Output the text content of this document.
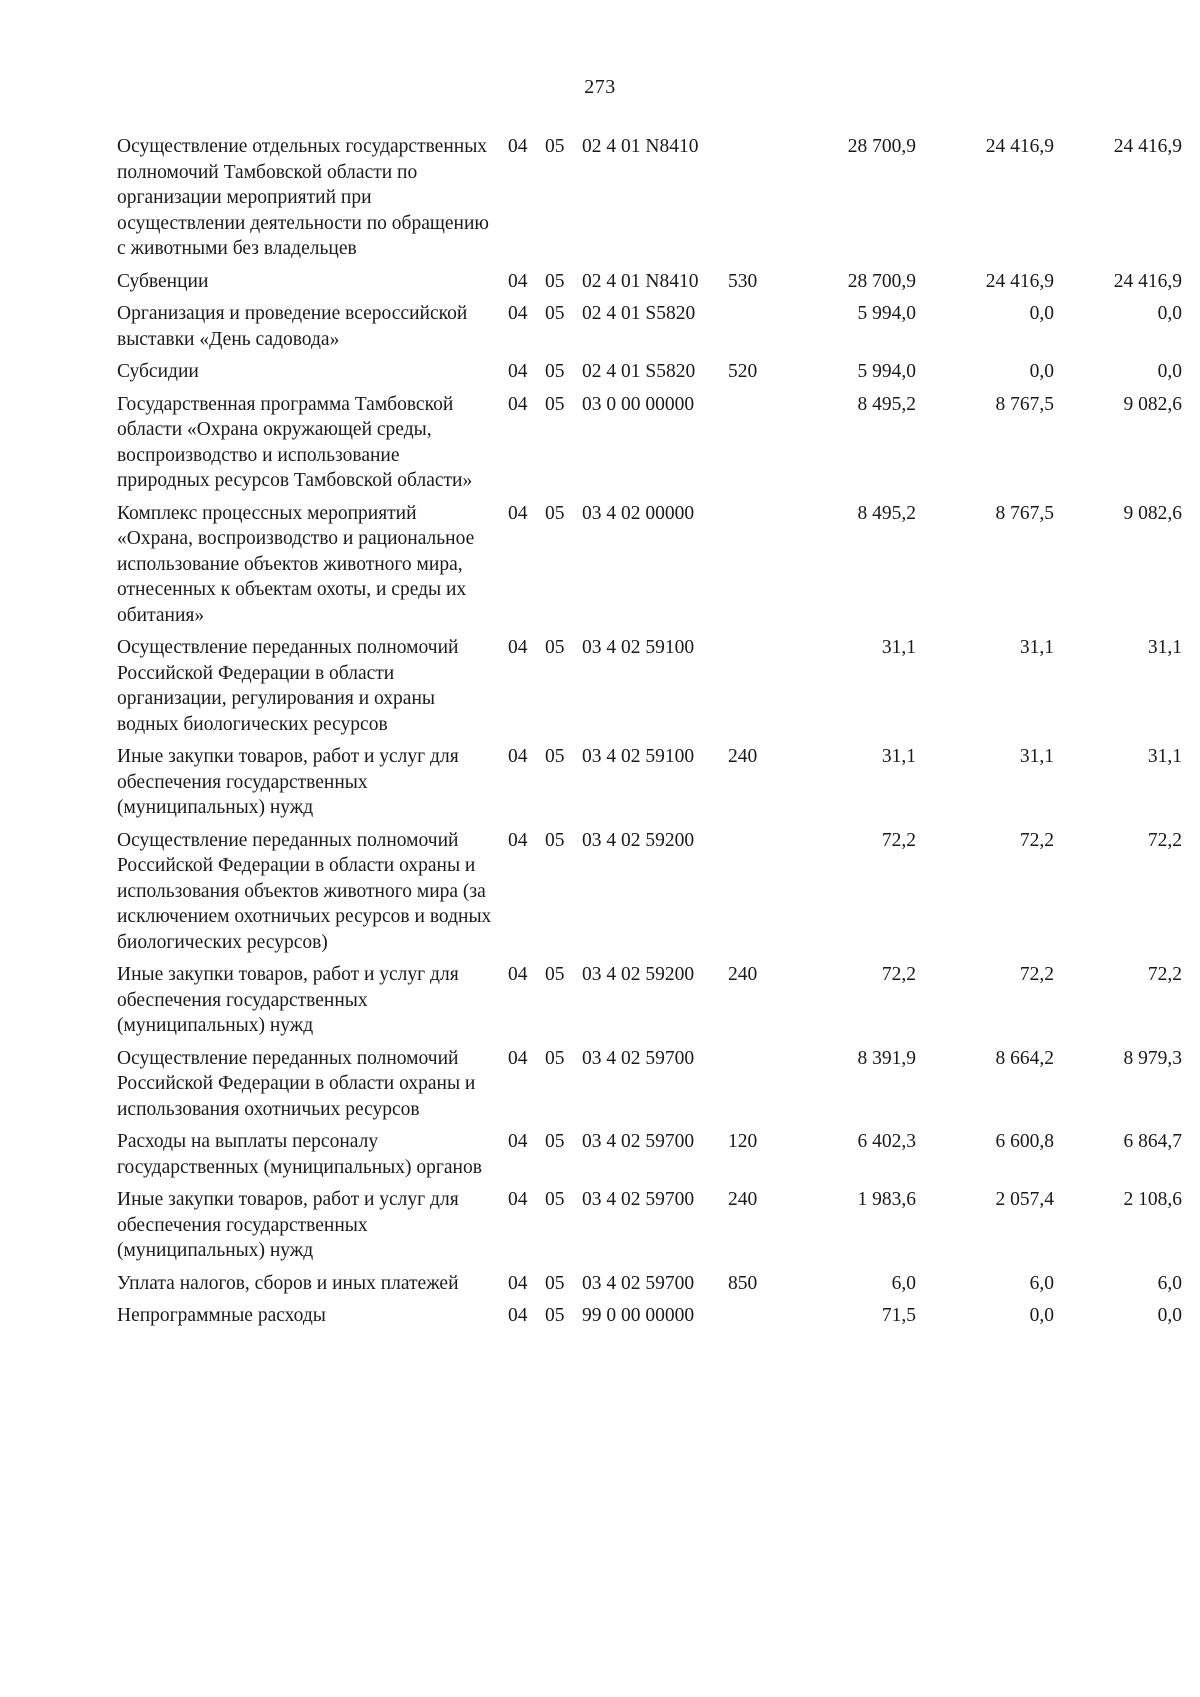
273
Осуществление отдельных государственных полномочий Тамбовской области по организации мероприятий при осуществлении деятельности по обращению с животными без владельцев	04	05	02 4 01 N8410		28 700,9	24 416,9	24 416,9
Субвенции	04	05	02 4 01 N8410	530	28 700,9	24 416,9	24 416,9
Организация и проведение всероссийской выставки «День садовода»	04	05	02 4 01 S5820		5 994,0	0,0	0,0
Субсидии	04	05	02 4 01 S5820	520	5 994,0	0,0	0,0
Государственная программа Тамбовской области «Охрана окружающей среды, воспроизводство и использование природных ресурсов Тамбовской области»	04	05	03 0 00 00000		8 495,2	8 767,5	9 082,6
Комплекс процессных мероприятий «Охрана, воспроизводство и рациональное использование объектов животного мира, отнесенных к объектам охоты, и среды их обитания»	04	05	03 4 02 00000		8 495,2	8 767,5	9 082,6
Осуществление переданных полномочий Российской Федерации в области организации, регулирования и охраны водных биологических ресурсов	04	05	03 4 02 59100		31,1	31,1	31,1
Иные закупки товаров, работ и услуг для обеспечения государственных (муниципальных) нужд	04	05	03 4 02 59100	240	31,1	31,1	31,1
Осуществление переданных полномочий Российской Федерации в области охраны и использования объектов животного мира (за исключением охотничьих ресурсов и водных биологических ресурсов)	04	05	03 4 02 59200		72,2	72,2	72,2
Иные закупки товаров, работ и услуг для обеспечения государственных (муниципальных) нужд	04	05	03 4 02 59200	240	72,2	72,2	72,2
Осуществление переданных полномочий Российской Федерации в области охраны и использования охотничьих ресурсов	04	05	03 4 02 59700		8 391,9	8 664,2	8 979,3
Расходы на выплаты персоналу государственных (муниципальных) органов	04	05	03 4 02 59700	120	6 402,3	6 600,8	6 864,7
Иные закупки товаров, работ и услуг для обеспечения государственных (муниципальных) нужд	04	05	03 4 02 59700	240	1 983,6	2 057,4	2 108,6
Уплата налогов, сборов и иных платежей	04	05	03 4 02 59700	850	6,0	6,0	6,0
Непрограммные расходы	04	05	99 0 00 00000		71,5	0,0	0,0
